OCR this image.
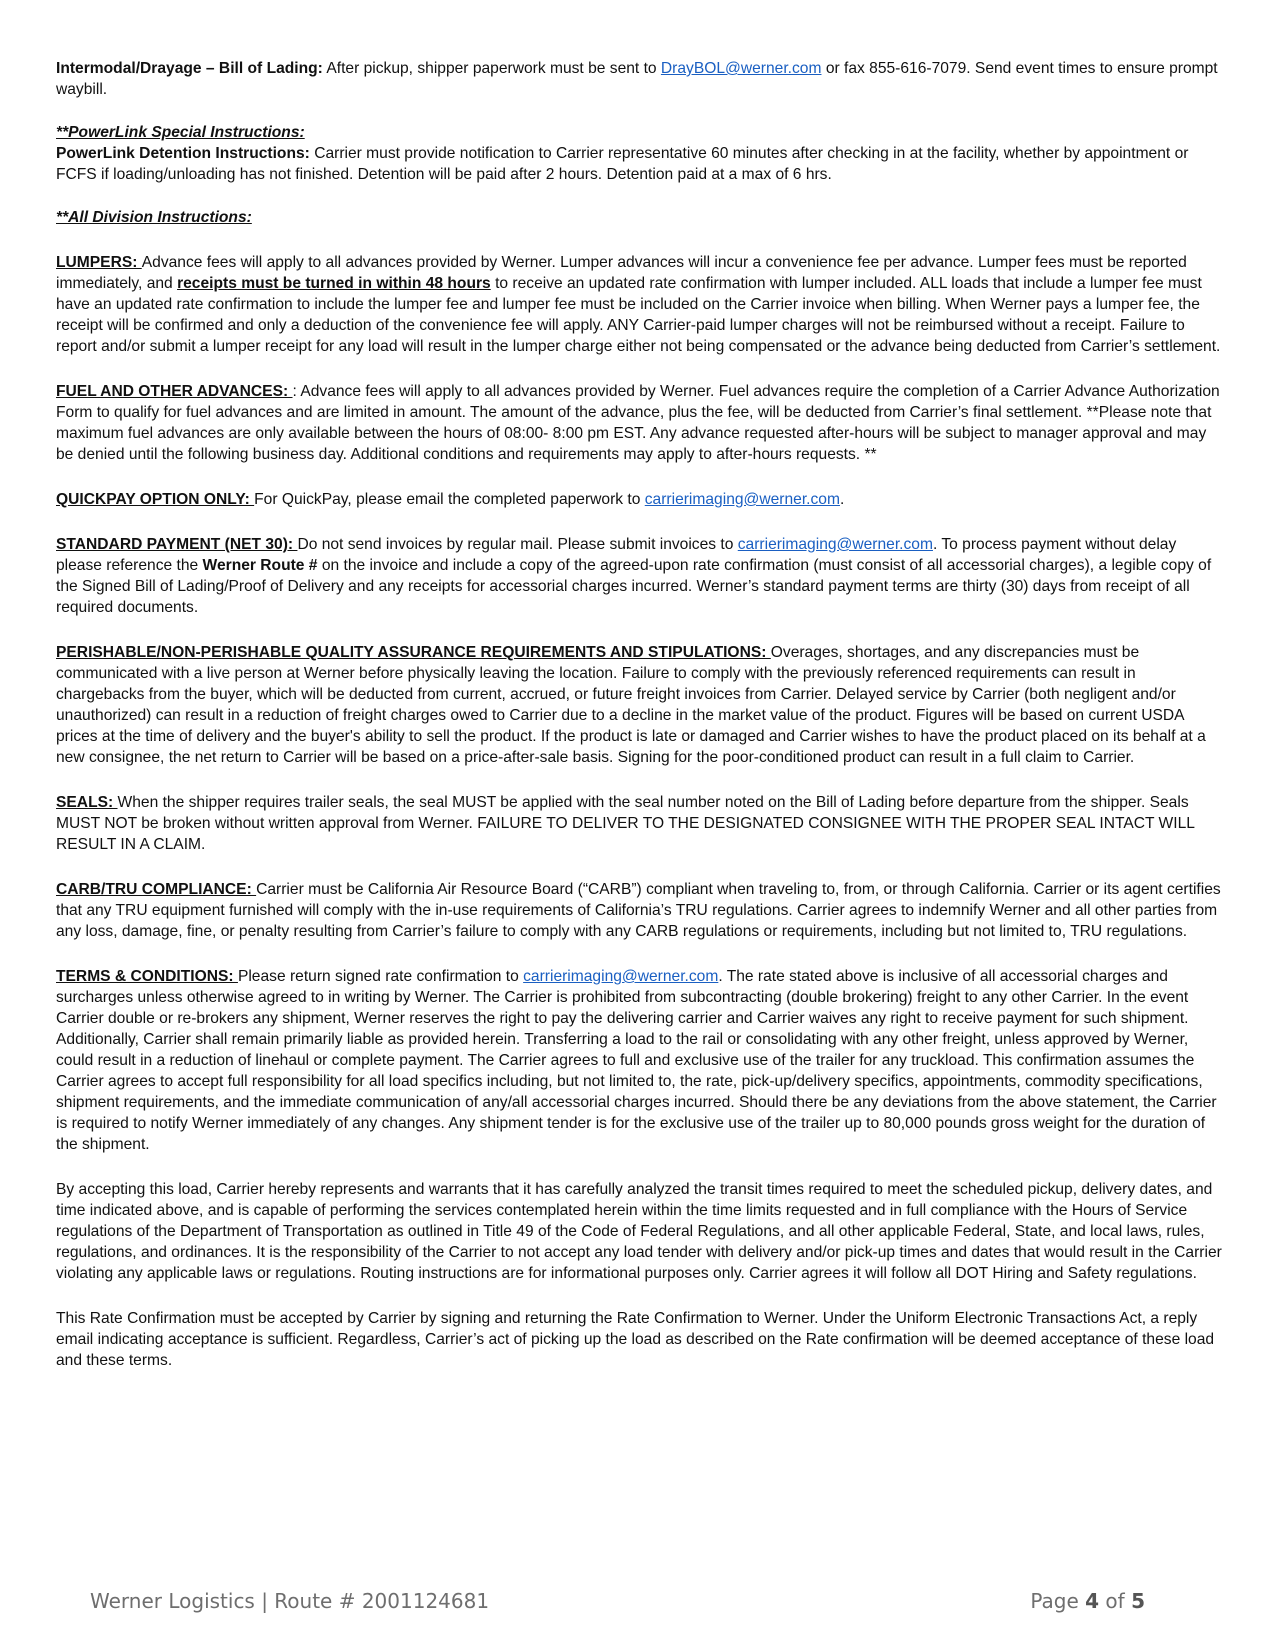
Intermodal/Drayage – Bill of Lading: After pickup, shipper paperwork must be sent to DrayBOL@werner.com or fax 855-616-7079. Send event times to ensure prompt waybill.

**PowerLink Special Instructions:

PowerLink Detention Instructions: Carrier must provide notification to Carrier representative 60 minutes after checking in at the facility, whether by appointment or FCFS if loading/unloading has not finished. Detention will be paid after 2 hours. Detention paid at a max of 6 hrs.

**All Division Instructions:

LUMPERS: Advance fees will apply to all advances provided by Werner. Lumper advances will incur a convenience fee per advance. Lumper fees must be reported immediately, and receipts must be turned in within 48 hours to receive an updated rate confirmation with lumper included. ALL loads that include a lumper fee must have an updated rate confirmation to include the lumper fee and lumper fee must be included on the Carrier invoice when billing. When Werner pays a lumper fee, the receipt will be confirmed and only a deduction of the convenience fee will apply. ANY Carrier-paid lumper charges will not be reimbursed without a receipt. Failure to report and/or submit a lumper receipt for any load will result in the lumper charge either not being compensated or the advance being deducted from Carrier’s settlement.

FUEL AND OTHER ADVANCES: : Advance fees will apply to all advances provided by Werner. Fuel advances require the completion of a Carrier Advance Authorization Form to qualify for fuel advances and are limited in amount. The amount of the advance, plus the fee, will be deducted from Carrier’s final settlement. **Please note that maximum fuel advances are only available between the hours of 08:00- 8:00 pm EST. Any advance requested after-hours will be subject to manager approval and may be denied until the following business day. Additional conditions and requirements may apply to after-hours requests. **

QUICKPAY OPTION ONLY: For QuickPay, please email the completed paperwork to carrierimaging@werner.com.

STANDARD PAYMENT (NET 30): Do not send invoices by regular mail. Please submit invoices to carrierimaging@werner.com. To process payment without delay please reference the Werner Route # on the invoice and include a copy of the agreed-upon rate confirmation (must consist of all accessorial charges), a legible copy of the Signed Bill of Lading/Proof of Delivery and any receipts for accessorial charges incurred. Werner’s standard payment terms are thirty (30) days from receipt of all required documents.

PERISHABLE/NON-PERISHABLE QUALITY ASSURANCE REQUIREMENTS AND STIPULATIONS: Overages, shortages, and any discrepancies must be communicated with a live person at Werner before physically leaving the location. Failure to comply with the previously referenced requirements can result in chargebacks from the buyer, which will be deducted from current, accrued, or future freight invoices from Carrier. Delayed service by Carrier (both negligent and/or unauthorized) can result in a reduction of freight charges owed to Carrier due to a decline in the market value of the product. Figures will be based on current USDA prices at the time of delivery and the buyer's ability to sell the product. If the product is late or damaged and Carrier wishes to have the product placed on its behalf at a new consignee, the net return to Carrier will be based on a price-after-sale basis. Signing for the poor-conditioned product can result in a full claim to Carrier.

SEALS: When the shipper requires trailer seals, the seal MUST be applied with the seal number noted on the Bill of Lading before departure from the shipper. Seals MUST NOT be broken without written approval from Werner. FAILURE TO DELIVER TO THE DESIGNATED CONSIGNEE WITH THE PROPER SEAL INTACT WILL RESULT IN A CLAIM.

CARB/TRU COMPLIANCE: Carrier must be California Air Resource Board (“CARB”) compliant when traveling to, from, or through California. Carrier or its agent certifies that any TRU equipment furnished will comply with the in-use requirements of California’s TRU regulations. Carrier agrees to indemnify Werner and all other parties from any loss, damage, fine, or penalty resulting from Carrier’s failure to comply with any CARB regulations or requirements, including but not limited to, TRU regulations.

TERMS & CONDITIONS: Please return signed rate confirmation to carrierimaging@werner.com. The rate stated above is inclusive of all accessorial charges and surcharges unless otherwise agreed to in writing by Werner. The Carrier is prohibited from subcontracting (double brokering) freight to any other Carrier. In the event Carrier double or re-brokers any shipment, Werner reserves the right to pay the delivering carrier and Carrier waives any right to receive payment for such shipment. Additionally, Carrier shall remain primarily liable as provided herein. Transferring a load to the rail or consolidating with any other freight, unless approved by Werner, could result in a reduction of linehaul or complete payment. The Carrier agrees to full and exclusive use of the trailer for any truckload. This confirmation assumes the Carrier agrees to accept full responsibility for all load specifics including, but not limited to, the rate, pick-up/delivery specifics, appointments, commodity specifications, shipment requirements, and the immediate communication of any/all accessorial charges incurred. Should there be any deviations from the above statement, the Carrier is required to notify Werner immediately of any changes. Any shipment tender is for the exclusive use of the trailer up to 80,000 pounds gross weight for the duration of the shipment.

By accepting this load, Carrier hereby represents and warrants that it has carefully analyzed the transit times required to meet the scheduled pickup, delivery dates, and time indicated above, and is capable of performing the services contemplated herein within the time limits requested and in full compliance with the Hours of Service regulations of the Department of Transportation as outlined in Title 49 of the Code of Federal Regulations, and all other applicable Federal, State, and local laws, rules, regulations, and ordinances. It is the responsibility of the Carrier to not accept any load tender with delivery and/or pick-up times and dates that would result in the Carrier violating any applicable laws or regulations. Routing instructions are for informational purposes only. Carrier agrees it will follow all DOT Hiring and Safety regulations.

This Rate Confirmation must be accepted by Carrier by signing and returning the Rate Confirmation to Werner. Under the Uniform Electronic Transactions Act, a reply email indicating acceptance is sufficient. Regardless, Carrier’s act of picking up the load as described on the Rate confirmation will be deemed acceptance of these load and these terms.

Werner Logistics | Route # 2001124681	Page 4 of 5
